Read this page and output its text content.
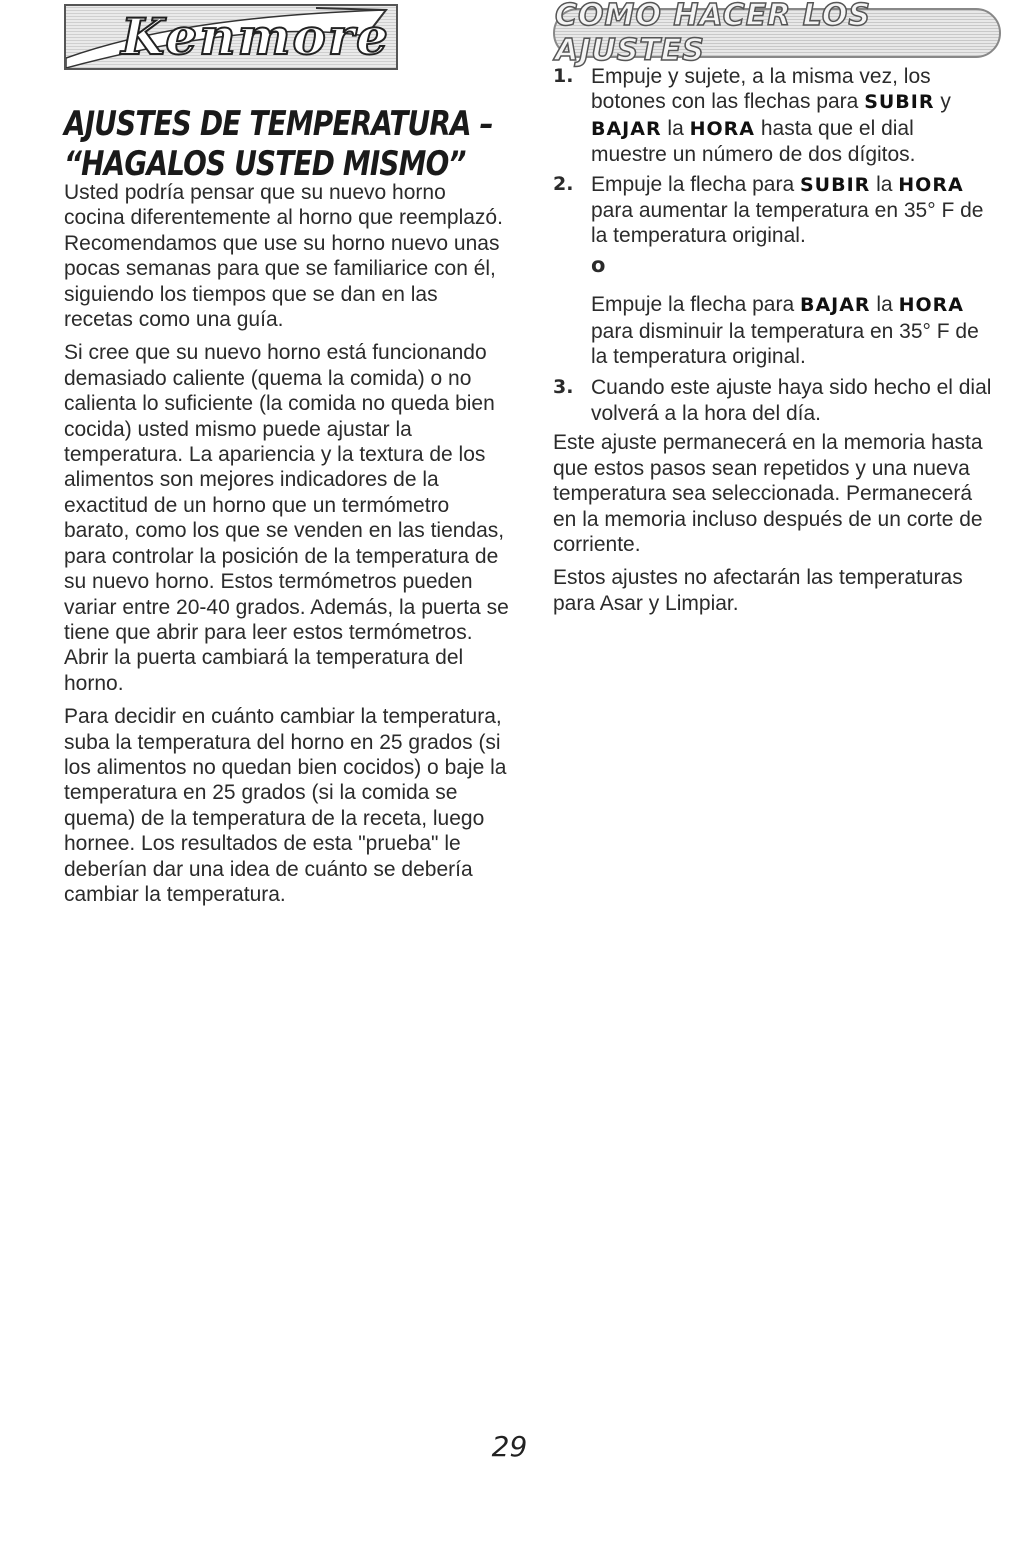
Kenmore
AJUSTES DE TEMPERATURA –
“HAGALOS USTED MISMO”

Usted podría pensar que su nuevo horno cocina diferentemente al horno que reemplazó. Recomendamos que use su horno nuevo unas pocas semanas para que se familiarice con él, siguiendo los tiempos que se dan en las recetas como una guía.

Si cree que su nuevo horno está funcionando demasiado caliente (quema la comida) o no calienta lo suficiente (la comida no queda bien cocida) usted mismo puede ajustar la temperatura. La apariencia y la textura de los alimentos son mejores indicadores de la exactitud de un horno que un termómetro barato, como los que se venden en las tiendas, para controlar la posición de la temperatura de su nuevo horno. Estos termómetros pueden variar entre 20-40 grados. Además, la puerta se tiene que abrir para leer estos termómetros. Abrir la puerta cambiará la temperatura del horno.

Para decidir en cuánto cambiar la temperatura, suba la temperatura del horno en 25 grados (si los alimentos no quedan bien cocidos) o baje la temperatura en 25 grados (si la comida se quema) de la temperatura de la receta, luego hornee. Los resultados de esta "prueba" le deberían dar una idea de cuánto se debería cambiar la temperatura.

COMO HACER LOS AJUSTES
1. Empuje y sujete, a la misma vez, los botones con las flechas para SUBIR y BAJAR la HORA hasta que el dial muestre un número de dos dígitos.
2. Empuje la flecha para SUBIR la HORA para aumentar la temperatura en 35° F de la temperatura original.
o
Empuje la flecha para BAJAR la HORA para disminuir la temperatura en 35° F de la temperatura original.
3. Cuando este ajuste haya sido hecho el dial volverá a la hora del día.

Este ajuste permanecerá en la memoria hasta que estos pasos sean repetidos y una nueva temperatura sea seleccionada. Permanecerá en la memoria incluso después de un corte de corriente.

Estos ajustes no afectarán las temperaturas para Asar y Limpiar.

29
